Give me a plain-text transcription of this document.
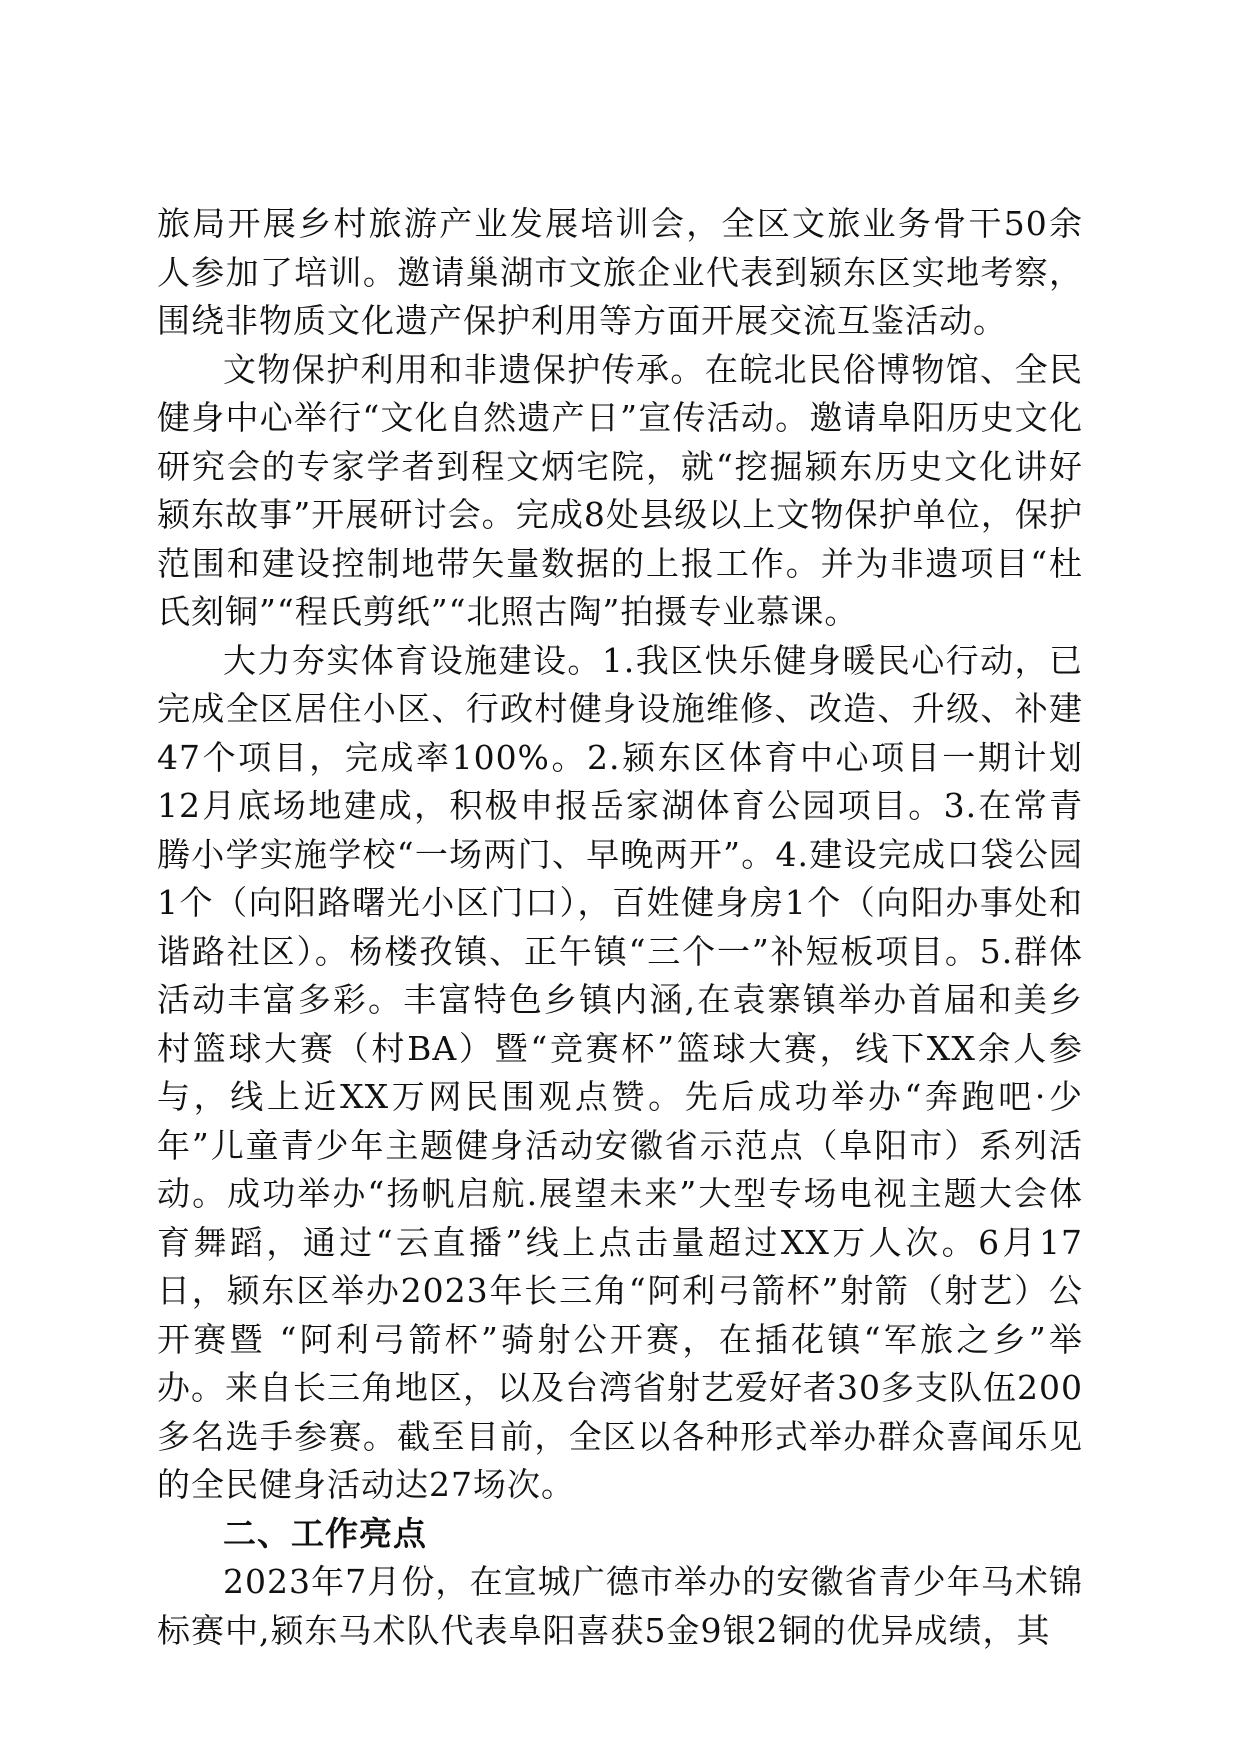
旅局开展乡村旅游产业发展培训会，全区文旅业务骨干50余人参加了培训。邀请巢湖市文旅企业代表到颍东区实地考察，围绕非物质文化遗产保护利用等方面开展交流互鉴活动。

文物保护利用和非遗保护传承。在皖北民俗博物馆、全民健身中心举行“文化自然遗产日”宣传活动。邀请阜阳历史文化研究会的专家学者到程文炳宅院，就“挖掘颍东历史文化讲好颍东故事”开展研讨会。完成8处县级以上文物保护单位，保护范围和建设控制地带矢量数据的上报工作。并为非遗项目“杜氏刻铜”“程氏剪纸”“北照古陶”拍摄专业慕课。

大力夯实体育设施建设。1.我区快乐健身暖民心行动，已完成全区居住小区、行政村健身设施维修、改造、升级、补建47个项目，完成率100%。2.颍东区体育中心项目一期计划12月底场地建成，积极申报岳家湖体育公园项目。3.在常青腾小学实施学校“一场两门、早晚两开”。4.建设完成口袋公园1个（向阳路曙光小区门口），百姓健身房1个（向阳办事处和谐路社区）。杨楼孜镇、正午镇“三个一”补短板项目。5.群体活动丰富多彩。丰富特色乡镇内涵,在袁寨镇举办首届和美乡村篮球大赛（村BA）暨“竞赛杯”篮球大赛，线下XX余人参与，线上近XX万网民围观点赞。先后成功举办“奔跑吧·少年”儿童青少年主题健身活动安徽省示范点（阜阳市）系列活动。成功举办“扬帆启航.展望未来”大型专场电视主题大会体育舞蹈，通过“云直播”线上点击量超过XX万人次。6月17日，颍东区举办2023年长三角“阿利弓箭杯”射箭（射艺）公开赛暨 “阿利弓箭杯”骑射公开赛，在插花镇“军旅之乡”举办。来自长三角地区，以及台湾省射艺爱好者30多支队伍200多名选手参赛。截至目前，全区以各种形式举办群众喜闻乐见的全民健身活动达27场次。

二、工作亮点

2023年7月份，在宣城广德市举办的安徽省青少年马术锦标赛中,颍东马术队代表阜阳喜获5金9银2铜的优异成绩，其
